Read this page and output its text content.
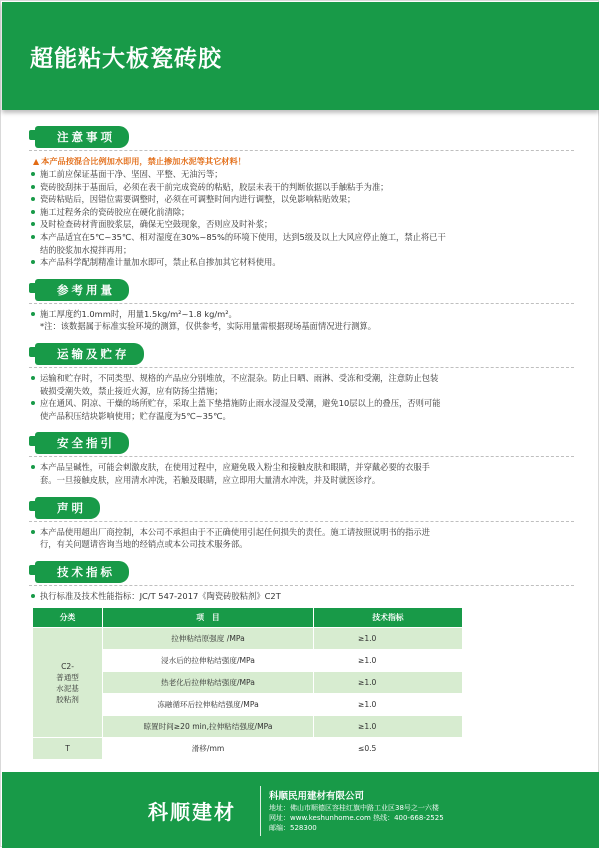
超能粘大板瓷砖胶
注意事项
▲ 本产品按混合比例加水即用，禁止掺加水泥等其它材料！
施工前应保证基面干净、坚固、平整、无油污等；
瓷砖胶刮抹于基面后，必须在表干前完成瓷砖的粘贴，胶层未表干的判断依据以手触粘手为准；
瓷砖粘贴后，因错位需要调整时，必须在可调整时间内进行调整，以免影响粘贴效果；
施工过程务余的瓷砖胶应在硬化前清除；
及时检查砖材背面胶浆层，确保无空鼓现象，否则应及时补浆；
本产品适宜在5℃~35℃、相对湿度在30%~85%的环境下使用，达到5级及以上大风应停止施工，禁止将已干
结的胶浆加水搅拌再用；
本产品科学配制精准计量加水即可，禁止私自掺加其它材料使用。
参考用量
施工厚度约1.0mm时，用量1.5kg/m²~1.8 kg/m²。
*注：该数据属于标准实验环境的测算，仅供参考，实际用量需根据现场基面情况进行测算。
运输及贮存
运输和贮存时，不同类型、规格的产品应分别堆放，不应混杂。防止日晒、雨淋、受冻和受潮，注意防止包装
破损受潮失效，禁止接近火源，应有防扬尘措施；
应在通风、阴凉、干燥的场所贮存，采取上盖下垫措施防止雨水浸湿及受潮，避免10层以上的叠压，否则可能
使产品积压结块影响使用；贮存温度为5℃~35℃。
安全指引
本产品呈碱性，可能会刺激皮肤，在使用过程中，应避免吸入粉尘和接触皮肤和眼睛，并穿戴必要的衣服手
套。一旦接触皮肤，应用清水冲洗，若触及眼睛，应立即用大量清水冲洗，并及时就医诊疗。
声明
本产品使用超出厂商控制，本公司不承担由于不正确使用引起任何损失的责任。施工请按照说明书的指示进
行，有关问题请咨询当地的经销点或本公司技术服务部。
技术指标
执行标准及技术性能指标：JC/T 547-2017《陶瓷砖胶粘剂》C2T
分类	项　目	技术指标
C2-
普通型
水泥基
胶粘剂	拉伸粘结原强度 /MPa	≥1.0
	浸水后的拉伸粘结强度/MPa	≥1.0
	热老化后拉伸粘结强度/MPa	≥1.0
	冻融循环后拉伸粘结强度/MPa	≥1.0
	晾置时间≥20 min,拉伸粘结强度/MPa	≥1.0
T	滑移/mm	≤0.5
科顺建材
科顺民用建材有限公司
地址：佛山市顺德区容桂红旗中路工业区38号之一六楼
网址：www.keshunhome.com 热线：400-668-2525
邮编：528300
